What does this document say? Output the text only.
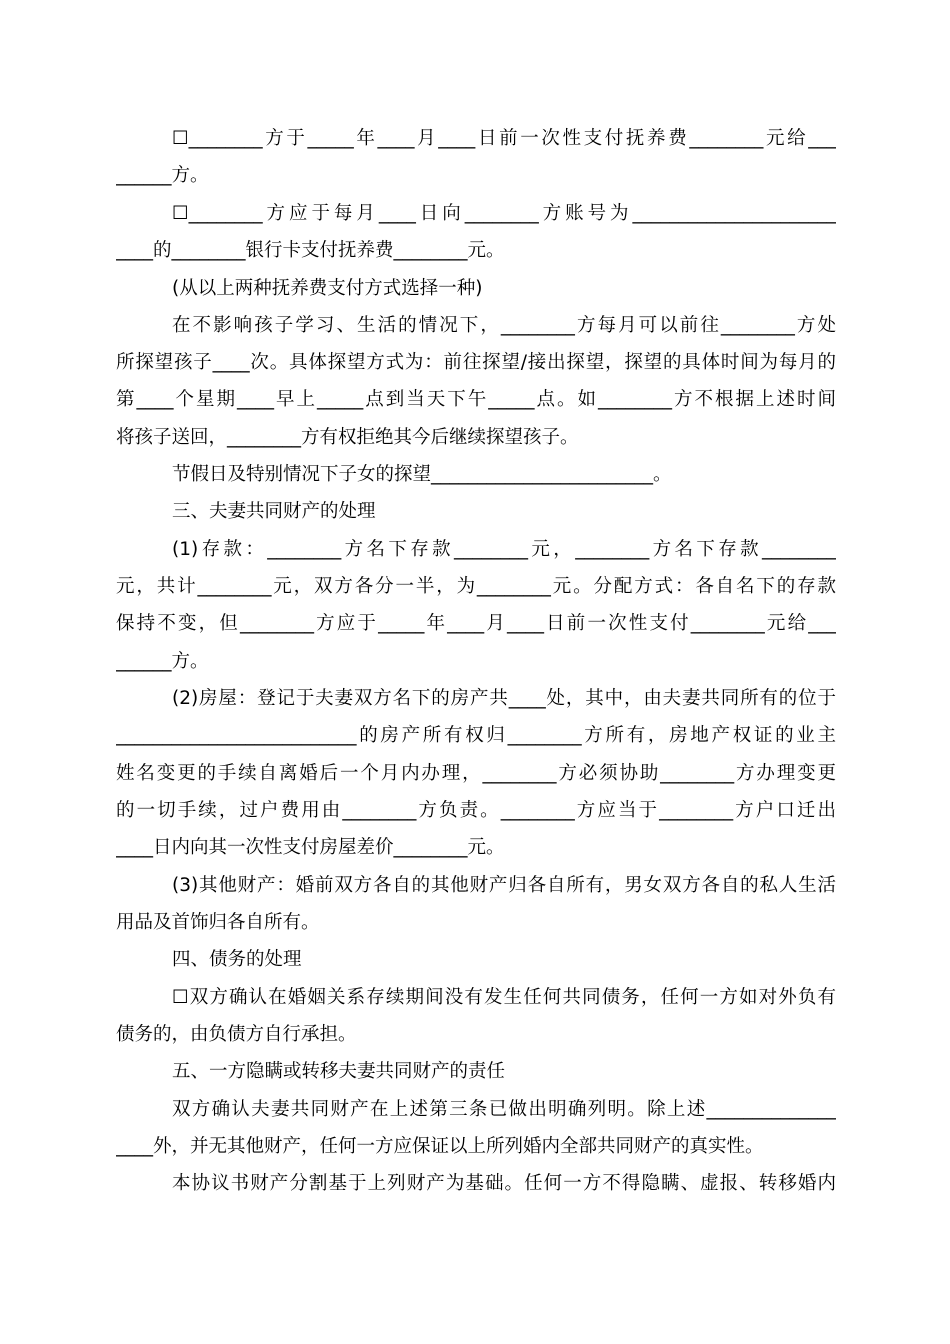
☐________方于_____年____月____日前一次性支付抚养费________元给___
______方。
☐________方应于每月____日向________方账号为______________________
____的________银行卡支付抚养费________元。
(从以上两种抚养费支付方式选择一种)
在不影响孩子学习、生活的情况下，________方每月可以前往________方处
所探望孩子____次。具体探望方式为：前往探望/接出探望，探望的具体时间为每月的
第____个星期____早上_____点到当天下午_____点。如________方不根据上述时间
将孩子送回，________方有权拒绝其今后继续探望孩子。
节假日及特别情况下子女的探望________________________。
三、夫妻共同财产的处理
(1)存款：________方名下存款________元，________方名下存款________
元，共计________元，双方各分一半，为________元。分配方式：各自名下的存款
保持不变，但________方应于_____年____月____日前一次性支付________元给___
______方。
(2)房屋：登记于夫妻双方名下的房产共____处，其中，由夫妻共同所有的位于
__________________________的房产所有权归________方所有，房地产权证的业主
姓名变更的手续自离婚后一个月内办理，________方必须协助________方办理变更
的一切手续，过户费用由________方负责。________方应当于________方户口迁出
____日内向其一次性支付房屋差价________元。
(3)其他财产：婚前双方各自的其他财产归各自所有，男女双方各自的私人生活
用品及首饰归各自所有。
四、债务的处理
☐双方确认在婚姻关系存续期间没有发生任何共同债务，任何一方如对外负有
债务的，由负债方自行承担。
五、一方隐瞒或转移夫妻共同财产的责任
双方确认夫妻共同财产在上述第三条已做出明确列明。除上述______________
____外，并无其他财产，任何一方应保证以上所列婚内全部共同财产的真实性。
本协议书财产分割基于上列财产为基础。任何一方不得隐瞒、虚报、转移婚内
